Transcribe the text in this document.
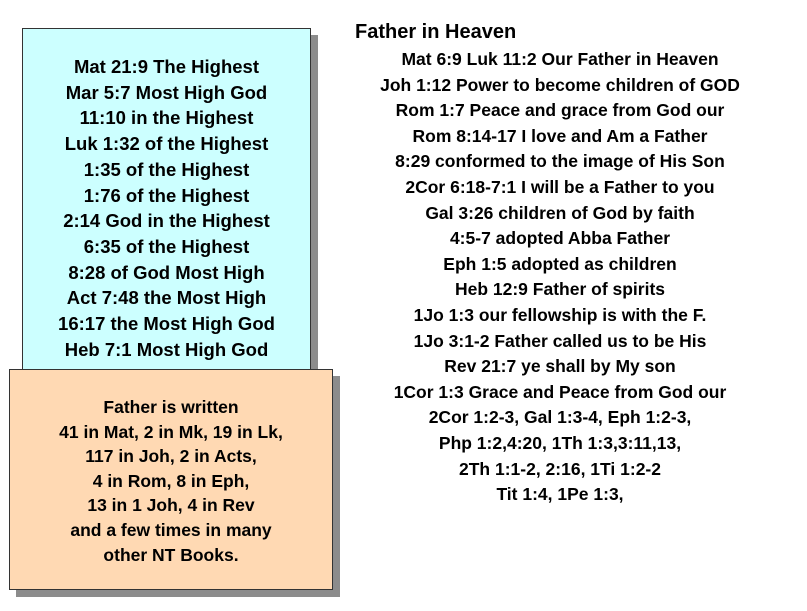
Mat 21:9 The Highest
Mar 5:7 Most High God
11:10 in the Highest
Luk 1:32 of the Highest
1:35 of the Highest
1:76 of the Highest
2:14 God in the Highest
6:35 of the Highest
8:28 of God Most High
Act 7:48 the Most High
16:17 the Most High God
Heb 7:1 Most High God
Father is written
41 in Mat, 2 in Mk, 19 in Lk,
117 in Joh, 2 in Acts,
4 in Rom, 8 in Eph,
13 in 1 Joh, 4 in Rev
and a few times in many
other NT Books.
Father in Heaven
Mat 6:9 Luk 11:2 Our Father in Heaven
Joh 1:12 Power to become children of GOD
Rom 1:7 Peace and grace from God our
Rom 8:14-17 I love and Am a Father
8:29 conformed to the image of His Son
2Cor 6:18-7:1 I will be a Father to you
Gal 3:26 children of God by faith
4:5-7 adopted Abba Father
Eph 1:5 adopted as children
Heb 12:9 Father of spirits
1Jo 1:3 our fellowship is with the F.
1Jo 3:1-2 Father called us to be His
Rev 21:7 ye shall by My son
1Cor 1:3 Grace and Peace from God our
2Cor 1:2-3, Gal 1:3-4, Eph 1:2-3,
Php 1:2,4:20, 1Th 1:3,3:11,13,
2Th 1:1-2, 2:16, 1Ti 1:2-2
Tit 1:4, 1Pe 1:3,
